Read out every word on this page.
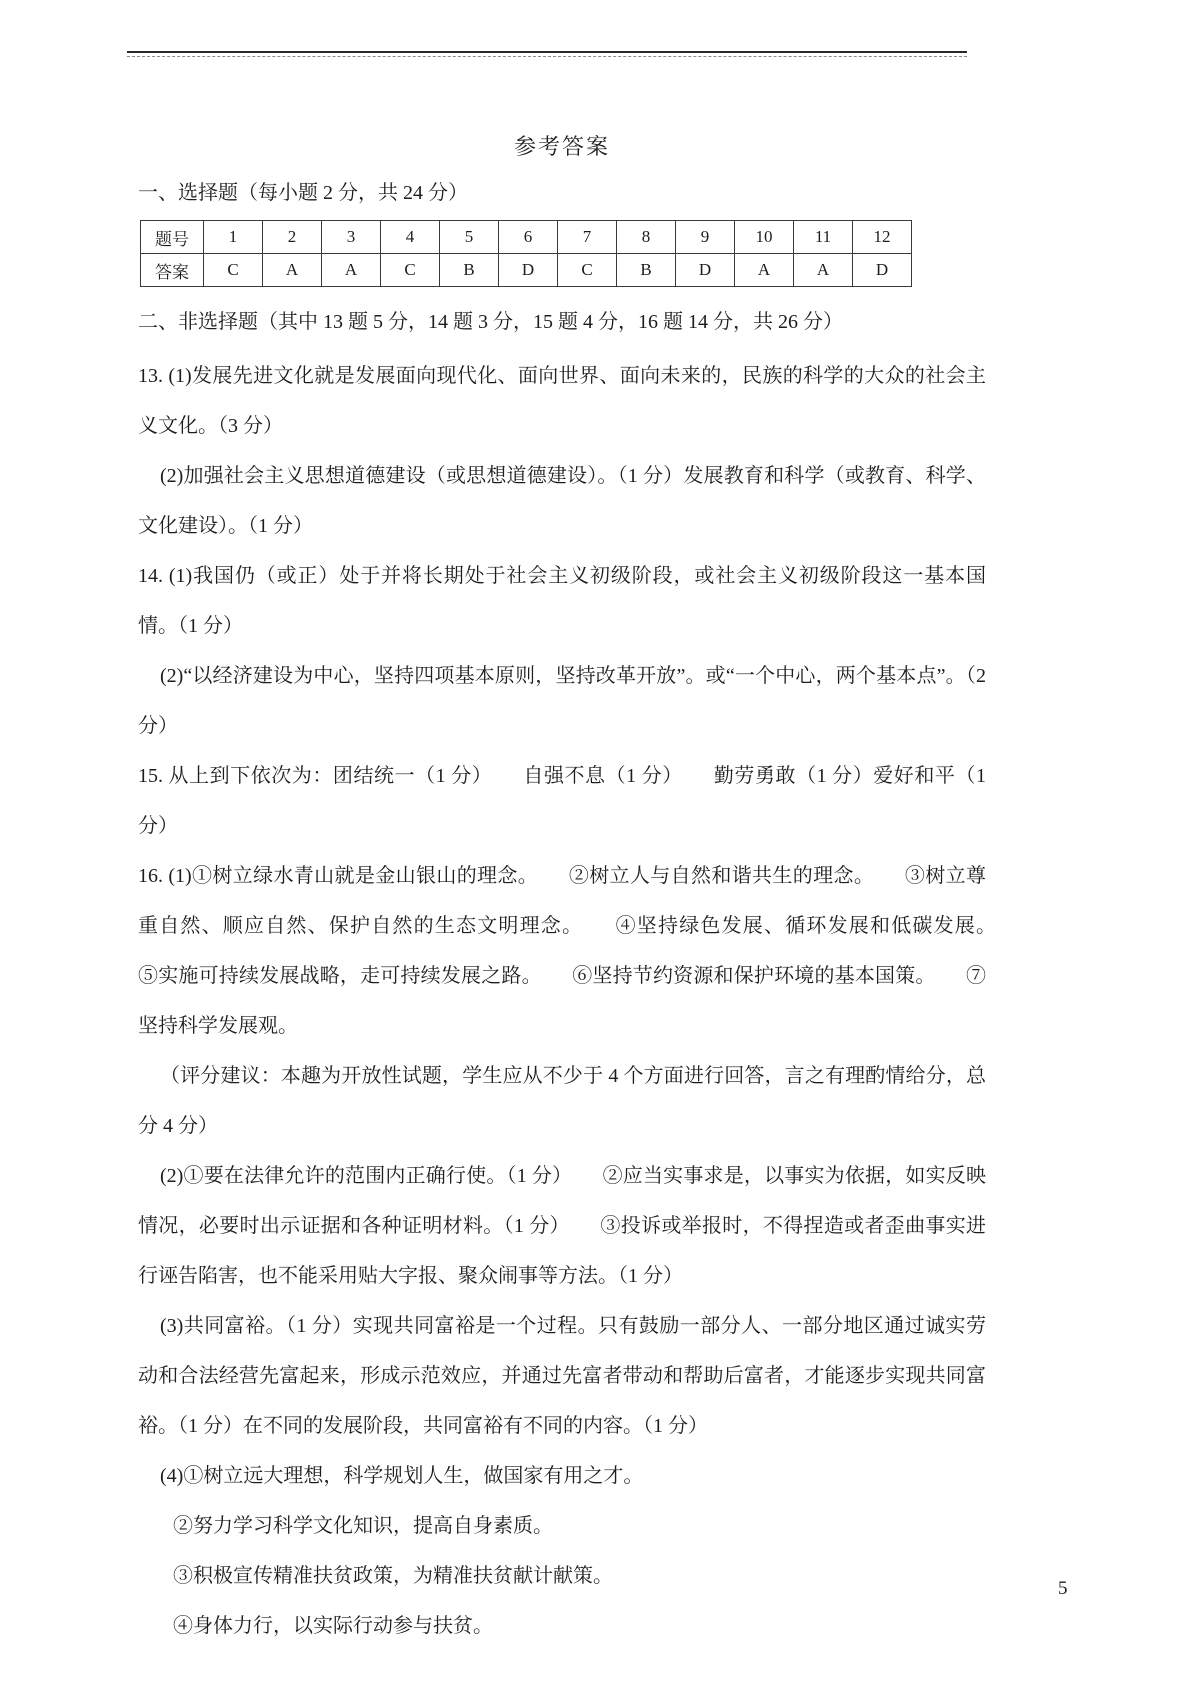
参考答案
一、选择题（每小题 2 分，共 24 分）
题号	1	2	3	4	5	6	7	8	9	10	11	12
答案	C	A	A	C	B	D	C	B	D	A	A	D
二、非选择题（其中 13 题 5 分，14 题 3 分，15 题 4 分，16 题 14 分，共 26 分）

13. (1)发展先进文化就是发展面向现代化、面向世界、面向未来的，民族的科学的大众的社会主义文化。（3 分）

(2)加强社会主义思想道德建设（或思想道德建设）。（1 分）发展教育和科学（或教育、科学、文化建设）。（1 分）

14. (1)我国仍（或正）处于并将长期处于社会主义初级阶段，或社会主义初级阶段这一基本国情。（1 分）

(2)“以经济建设为中心，坚持四项基本原则，坚持改革开放”。或“一个中心，两个基本点”。（2 分）

15. 从上到下依次为：团结统一（1 分）　　自强不息（1 分）　　勤劳勇敢（1 分）爱好和平（1 分）

16. (1)①树立绿水青山就是金山银山的理念。　　②树立人与自然和谐共生的理念。　　③树立尊重自然、顺应自然、保护自然的生态文明理念。　　④坚持绿色发展、循环发展和低碳发展。　　⑤实施可持续发展战略，走可持续发展之路。　　⑥坚持节约资源和保护环境的基本国策。　　⑦坚持科学发展观。

（评分建议：本趣为开放性试题，学生应从不少于 4 个方面进行回答，言之有理酌情给分，总分 4 分）

(2)①要在法律允许的范围内正确行使。（1 分）　　②应当实事求是，以事实为依据，如实反映情况，必要时出示证据和各种证明材料。（1 分）　　③投诉或举报时，不得捏造或者歪曲事实进行诬告陷害，也不能采用贴大字报、聚众闹事等方法。（1 分）

(3)共同富裕。（1 分）实现共同富裕是一个过程。只有鼓励一部分人、一部分地区通过诚实劳动和合法经营先富起来，形成示范效应，并通过先富者带动和帮助后富者，才能逐步实现共同富裕。（1 分）在不同的发展阶段，共同富裕有不同的内容。（1 分）

(4)①树立远大理想，科学规划人生，做国家有用之才。

②努力学习科学文化知识，提高自身素质。

③积极宣传精准扶贫政策，为精准扶贫献计献策。

④身体力行，以实际行动参与扶贫。

5
